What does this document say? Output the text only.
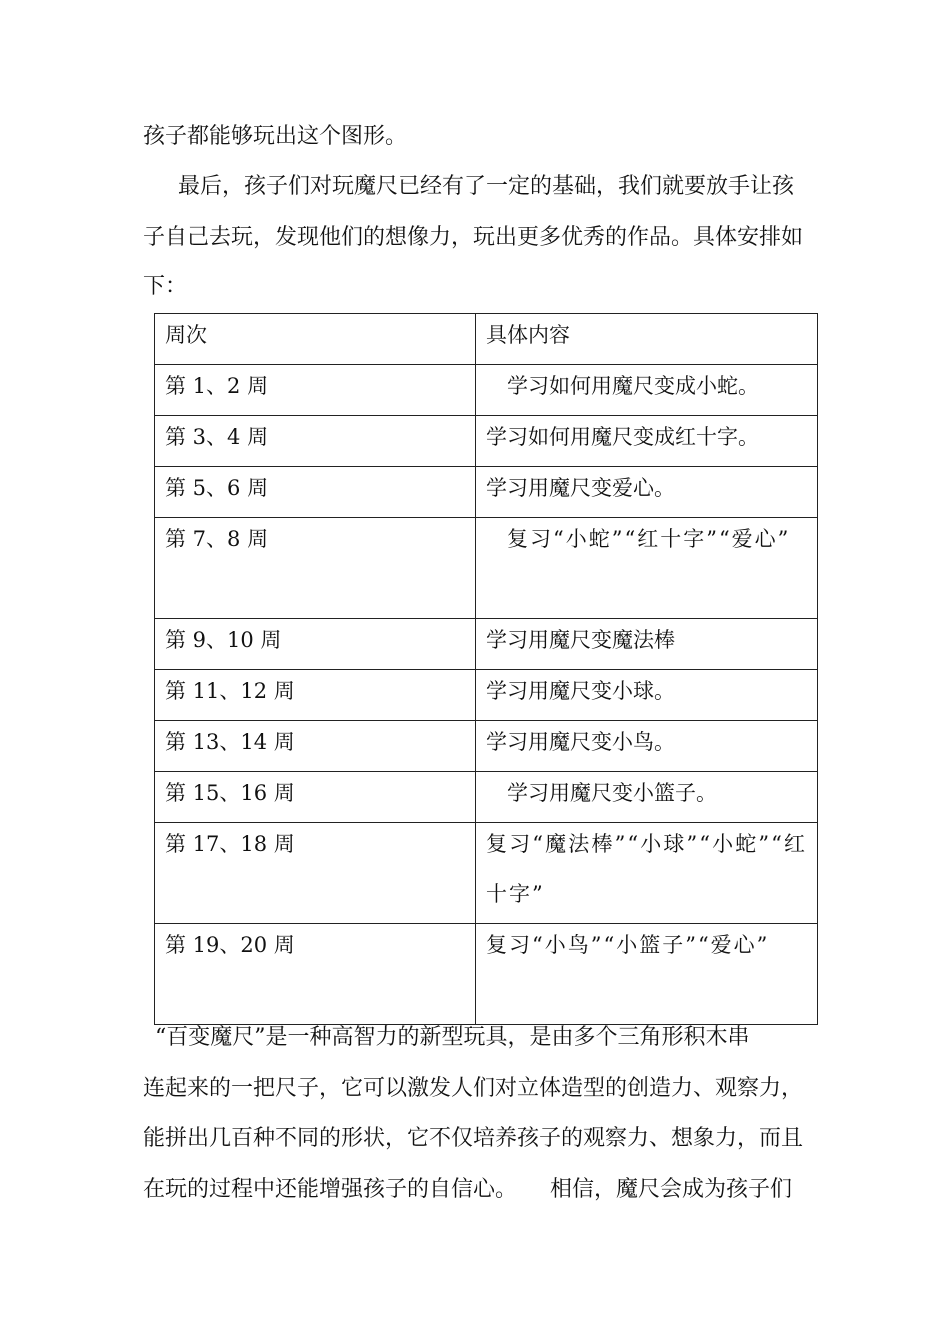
孩子都能够玩出这个图形。
最后，孩子们对玩魔尺已经有了一定的基础，我们就要放手让孩
子自己去玩，发现他们的想像力，玩出更多优秀的作品。具体安排如
下：
周次	具体内容

第 1、2 周	学习如何用魔尺变成小蛇。

第 3、4 周	学习如何用魔尺变成红十字。

第 5、6 周	学习用魔尺变爱心。

第 7、8 周	复习“小蛇”“红十字”“爱心”

第 9、10 周	学习用魔尺变魔法棒

第 11、12 周	学习用魔尺变小球。

第 13、14 周	学习用魔尺变小鸟。

第 15、16 周	学习用魔尺变小篮子。

第 17、18 周	复习“魔法棒”“小球”“小蛇”“红十字”

第 19、20 周	复习“小鸟”“小篮子”“爱心”
“百变魔尺”是一种高智力的新型玩具，是由多个三角形积木串
连起来的一把尺子，它可以激发人们对立体造型的创造力、观察力，
能拼出几百种不同的形状，它不仅培养孩子的观察力、想象力，而且
在玩的过程中还能增强孩子的自信心。　　相信，魔尺会成为孩子们
